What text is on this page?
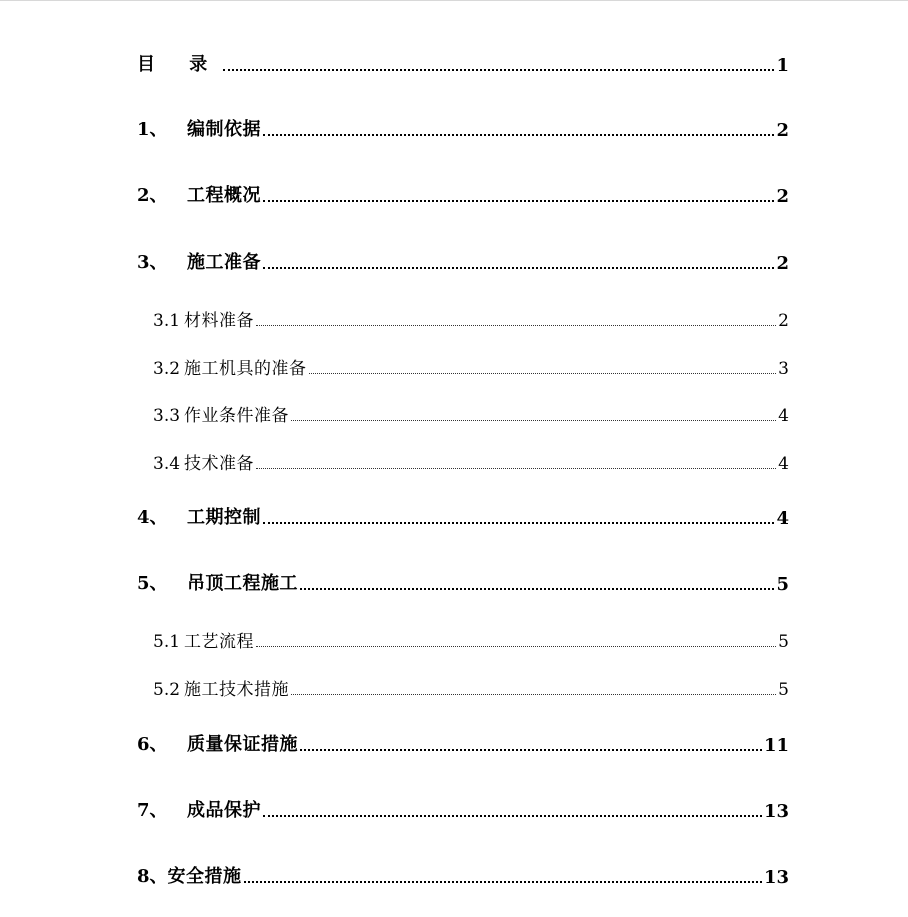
目 录	1
1、	编制依据	2
2、	工程概况	2
3、	施工准备	2
3.1 材料准备	2
3.2 施工机具的准备	3
3.3 作业条件准备	4
3.4 技术准备	4
4、	工期控制	4
5、	吊顶工程施工	5
5.1 工艺流程	5
5.2 施工技术措施	5
6、	质量保证措施	11
7、	成品保护	13
8、 安全措施	13
